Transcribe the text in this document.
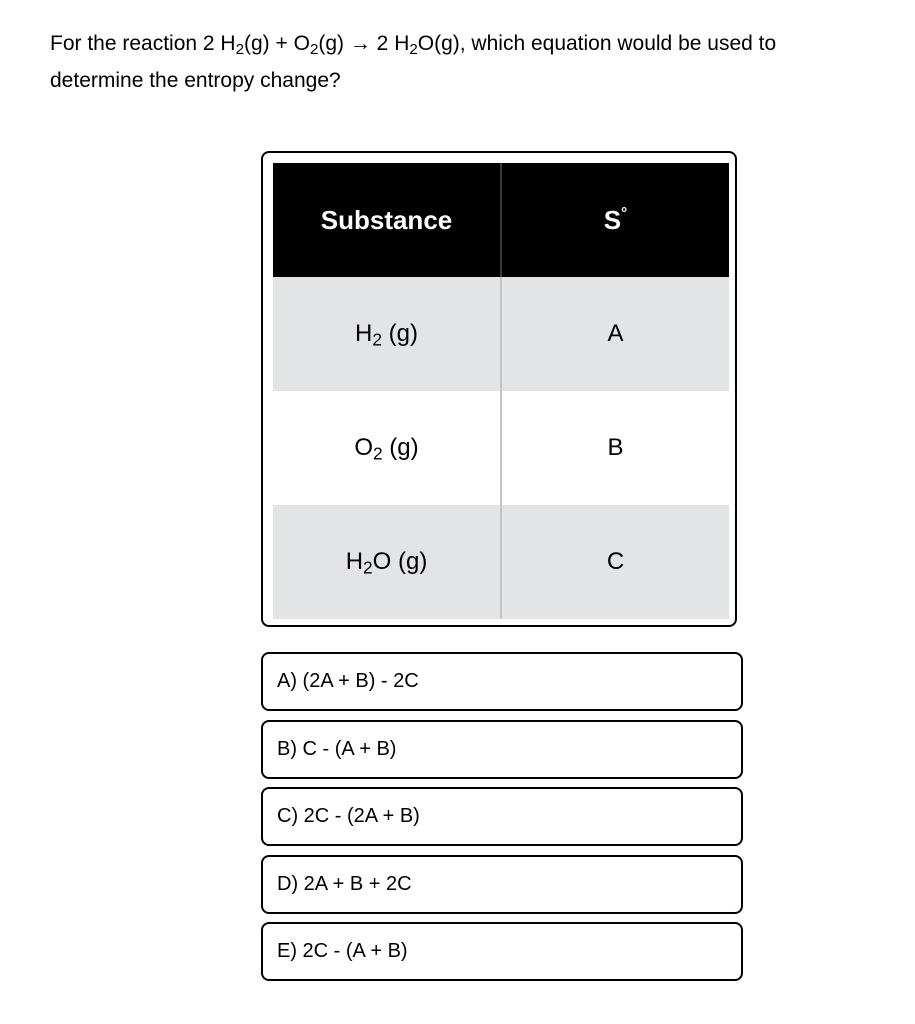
For the reaction 2 $H_2(g) + O_2(g) \to 2$ $H_2O(g)$, which equation would be used to determine the entropy change?

Substance	S°
$H_2$ (g)	A
$O_2$ (g)	B
$H_2O$ (g)	C
A) (2A + B) - 2C
B) C - (A + B)
C) 2C - (2A + B)
D) 2A + B + 2C
E) 2C - (A + B)
